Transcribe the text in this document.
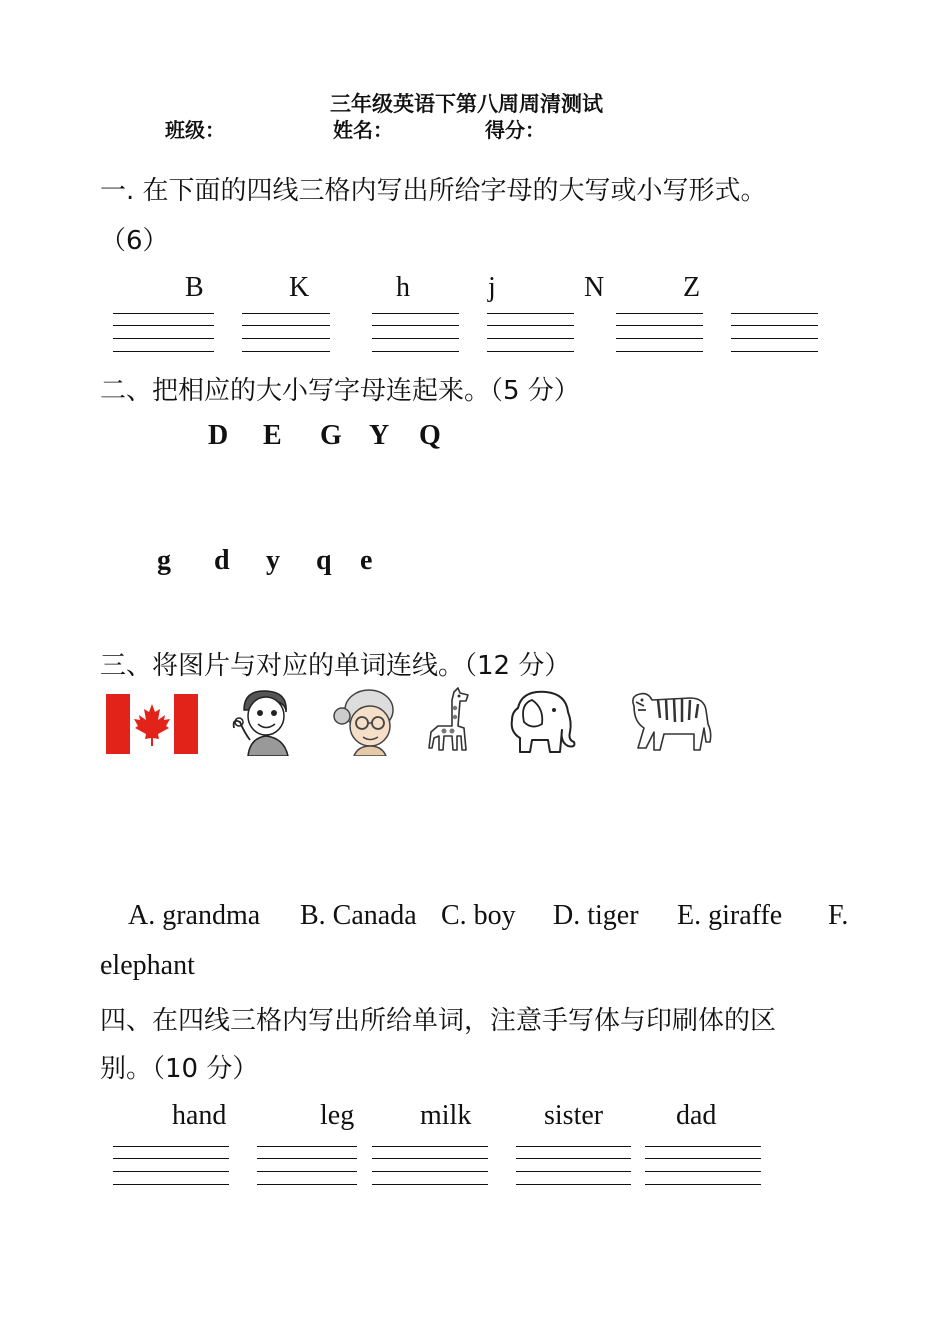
三年级英语下第八周周清测试
班级：	姓名：	得分：
一. 在下面的四线三格内写出所给字母的大写或小写形式。
（6）
B	K	h	j	N	Z
二、把相应的大小写字母连起来。（5 分）
D E G Y Q
g d y q e
三、将图片与对应的单词连线。（12 分）
A. grandma B. Canada C. boy D. tiger E. giraffe F.
elephant
四、在四线三格内写出所给单词，注意手写体与印刷体的区
别。（10 分）
hand	leg milk	sister	dad
